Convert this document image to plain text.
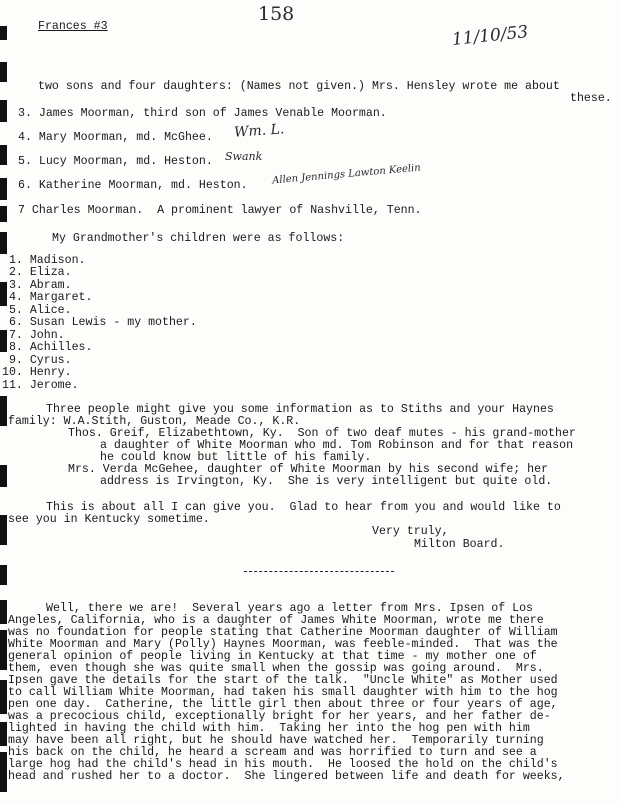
Frances #3
158
11/10/53
two sons and four daughters: (Names not given.) Mrs. Hensley wrote me about
these.
3. James Moorman, third son of James Venable Moorman.
4. Mary Moorman, md. McGhee. Wm. L.
5. Lucy Moorman, md. Heston. Swank
6. Katherine Moorman, md. Heston. Allen Jennings Lawton Keelin
7 Charles Moorman.  A prominent lawyer of Nashville, Tenn.
My Grandmother's children were as follows:
1. Madison.
2. Eliza.
3. Abram.
4. Margaret.
5. Alice.
6. Susan Lewis - my mother.
7. John.
8. Achilles.
9. Cyrus.
10. Henry.
11. Jerome.
Three people might give you some information as to Stiths and your Haynes
family: W.A.Stith, Guston, Meade Co., K.R.
Thos. Greif, Elizabethtown, Ky.  Son of two deaf mutes - his grand-mother
a daughter of White Moorman who md. Tom Robinson and for that reason
he could know but little of his family.
Mrs. Verda McGehee, daughter of White Moorman by his second wife; her
address is Irvington, Ky.  She is very intelligent but quite old.
This is about all I can give you.  Glad to hear from you and would like to
see you in Kentucky sometime.
Very truly,
Milton Board.
Well, there we are!  Several years ago a letter from Mrs. Ipsen of Los
Angeles, California, who is a daughter of James White Moorman, wrote me there
was no foundation for people stating that Catherine Moorman daughter of William
White Moorman and Mary (Polly) Haynes Moorman, was feeble-minded.  That was the
general opinion of people living in Kentucky at that time - my mother one of
them, even though she was quite small when the gossip was going around.  Mrs.
Ipsen gave the details for the start of the talk.  "Uncle White" as Mother used
to call William White Moorman, had taken his small daughter with him to the hog
pen one day.  Catherine, the little girl then about three or four years of age,
was a precocious child, exceptionally bright for her years, and her father de-
lighted in having the child with him.  Taking her into the hog pen with him
may have been all right, but he should have watched her.  Temporarily turning
his back on the child, he heard a scream and was horrified to turn and see a
large hog had the child's head in his mouth.  He loosed the hold on the child's
head and rushed her to a doctor.  She lingered between life and death for weeks,
